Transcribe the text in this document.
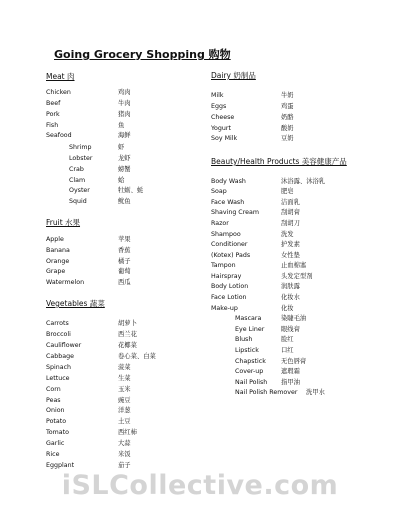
Going Grocery Shopping 购物
Meat 肉
Chicken	鸡肉
Beef	牛肉
Pork	猪肉
Fish	鱼
Seafood	海鲜
Shrimp	虾
Lobster	龙虾
Crab	螃蟹
Clam	蛤
Oyster	牡蛎、蚝
Squid	鱿鱼
Fruit 水果
Apple	苹果
Banana	香蕉
Orange	橘子
Grape	葡萄
Watermelon	西瓜
Vegetables 蔬菜
Carrots	胡萝卜
Broccoli	西兰花
Cauliflower	花椰菜
Cabbage	卷心菜、白菜
Spinach	菠菜
Lettuce	生菜
Corn	玉米
Peas	豌豆
Onion	洋葱
Potato	土豆
Tomato	西红柿
Garlic	大蒜
Rice	米饭
Eggplant	茄子
Dairy 奶制品
Milk	牛奶
Eggs	鸡蛋
Cheese	奶酪
Yogurt	酸奶
Soy Milk	豆奶
Beauty/Health Products 美容健康产品
Body Wash	沐浴露、沐浴乳
Soap	肥皂
Face Wash	洁面乳
Shaving Cream	刮胡膏
Razor	刮胡刀
Shampoo	洗发
Conditioner	护发素
(Kotex) Pads	女性垫
Tampon	止血棉塞
Hairspray	头发定型剂
Body Lotion	润肤露
Face Lotion	化妆水
Make-up	化妆
Mascara	染睫毛油
Eye Liner	眼线膏
Blush	脸红
Lipstick	口红
Chapstick 无色唇膏
Cover-up	遮瑕霜
Nail Polish 指甲油
Nail Polish Remover 洗甲水
iSLCollective.com
